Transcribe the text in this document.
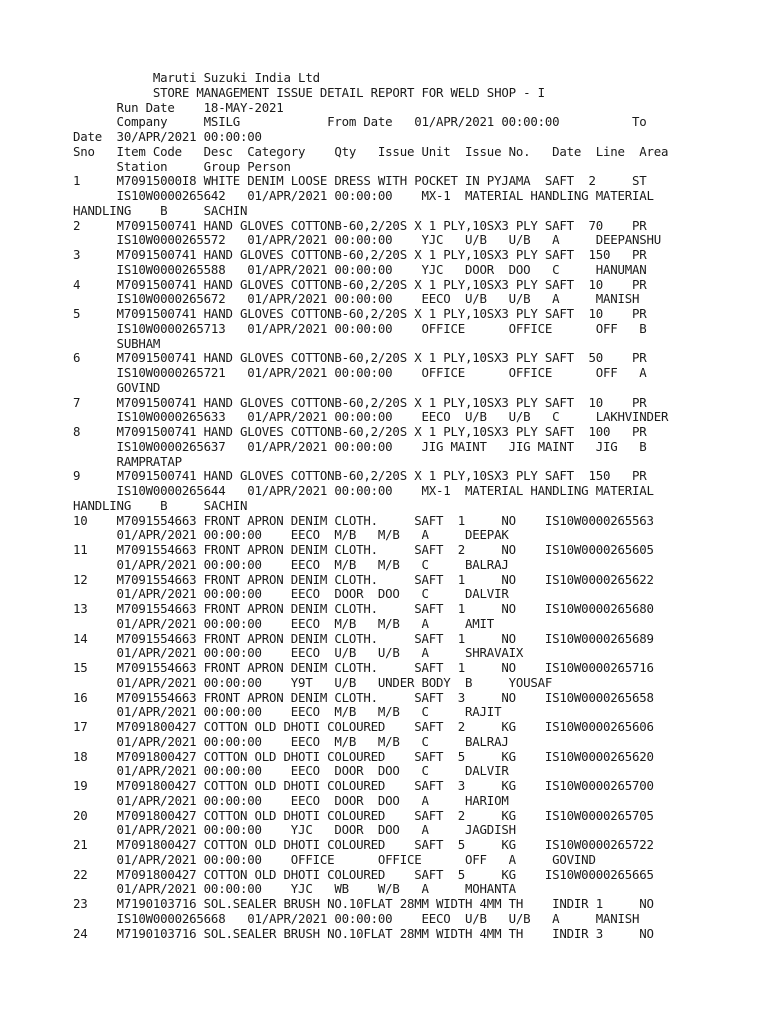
Maruti Suzuki India Ltd
STORE MANAGEMENT ISSUE DETAIL REPORT FOR WELD SHOP - I
Run Date    18-MAY-2021
Company     MSILG            From Date   01/APR/2021 00:00:00          To
Date  30/APR/2021 00:00:00
Sno   Item Code   Desc  Category    Qty   Issue Unit  Issue No.   Date  Line  Area
Station     Group Person
1     M70915000I8 WHITE DENIM LOOSE DRESS WITH POCKET IN PYJAMA  SAFT  2     ST
IS10W0000265642   01/APR/2021 00:00:00    MX-1  MATERIAL HANDLING MATERIAL
HANDLING    B     SACHIN
2     M7091500741 HAND GLOVES COTTONB-60,2/20S X 1 PLY,10SX3 PLY SAFT  70    PR
IS10W0000265572   01/APR/2021 00:00:00    YJC   U/B   U/B   A     DEEPANSHU
3     M7091500741 HAND GLOVES COTTONB-60,2/20S X 1 PLY,10SX3 PLY SAFT  150   PR
IS10W0000265588   01/APR/2021 00:00:00    YJC   DOOR  DOO   C     HANUMAN
4     M7091500741 HAND GLOVES COTTONB-60,2/20S X 1 PLY,10SX3 PLY SAFT  10    PR
IS10W0000265672   01/APR/2021 00:00:00    EECO  U/B   U/B   A     MANISH
5     M7091500741 HAND GLOVES COTTONB-60,2/20S X 1 PLY,10SX3 PLY SAFT  10    PR
IS10W0000265713   01/APR/2021 00:00:00    OFFICE      OFFICE      OFF   B
SUBHAM
6     M7091500741 HAND GLOVES COTTONB-60,2/20S X 1 PLY,10SX3 PLY SAFT  50    PR
IS10W0000265721   01/APR/2021 00:00:00    OFFICE      OFFICE      OFF   A
GOVIND
7     M7091500741 HAND GLOVES COTTONB-60,2/20S X 1 PLY,10SX3 PLY SAFT  10    PR
IS10W0000265633   01/APR/2021 00:00:00    EECO  U/B   U/B   C     LAKHVINDER
8     M7091500741 HAND GLOVES COTTONB-60,2/20S X 1 PLY,10SX3 PLY SAFT  100   PR
IS10W0000265637   01/APR/2021 00:00:00    JIG MAINT   JIG MAINT   JIG   B
RAMPRATAP
9     M7091500741 HAND GLOVES COTTONB-60,2/20S X 1 PLY,10SX3 PLY SAFT  150   PR
IS10W0000265644   01/APR/2021 00:00:00    MX-1  MATERIAL HANDLING MATERIAL
HANDLING    B     SACHIN
10    M7091554663 FRONT APRON DENIM CLOTH.     SAFT  1     NO    IS10W0000265563
01/APR/2021 00:00:00    EECO  M/B   M/B   A     DEEPAK
11    M7091554663 FRONT APRON DENIM CLOTH.     SAFT  2     NO    IS10W0000265605
01/APR/2021 00:00:00    EECO  M/B   M/B   C     BALRAJ
12    M7091554663 FRONT APRON DENIM CLOTH.     SAFT  1     NO    IS10W0000265622
01/APR/2021 00:00:00    EECO  DOOR  DOO   C     DALVIR
13    M7091554663 FRONT APRON DENIM CLOTH.     SAFT  1     NO    IS10W0000265680
01/APR/2021 00:00:00    EECO  M/B   M/B   A     AMIT
14    M7091554663 FRONT APRON DENIM CLOTH.     SAFT  1     NO    IS10W0000265689
01/APR/2021 00:00:00    EECO  U/B   U/B   A     SHRAVAIX
15    M7091554663 FRONT APRON DENIM CLOTH.     SAFT  1     NO    IS10W0000265716
01/APR/2021 00:00:00    Y9T   U/B   UNDER BODY  B     YOUSAF
16    M7091554663 FRONT APRON DENIM CLOTH.     SAFT  3     NO    IS10W0000265658
01/APR/2021 00:00:00    EECO  M/B   M/B   C     RAJIT
17    M7091800427 COTTON OLD DHOTI COLOURED    SAFT  2     KG    IS10W0000265606
01/APR/2021 00:00:00    EECO  M/B   M/B   C     BALRAJ
18    M7091800427 COTTON OLD DHOTI COLOURED    SAFT  5     KG    IS10W0000265620
01/APR/2021 00:00:00    EECO  DOOR  DOO   C     DALVIR
19    M7091800427 COTTON OLD DHOTI COLOURED    SAFT  3     KG    IS10W0000265700
01/APR/2021 00:00:00    EECO  DOOR  DOO   A     HARIOM
20    M7091800427 COTTON OLD DHOTI COLOURED    SAFT  2     KG    IS10W0000265705
01/APR/2021 00:00:00    YJC   DOOR  DOO   A     JAGDISH
21    M7091800427 COTTON OLD DHOTI COLOURED    SAFT  5     KG    IS10W0000265722
01/APR/2021 00:00:00    OFFICE      OFFICE      OFF   A     GOVIND
22    M7091800427 COTTON OLD DHOTI COLOURED    SAFT  5     KG    IS10W0000265665
01/APR/2021 00:00:00    YJC   WB    W/B   A     MOHANTA
23    M7190103716 SOL.SEALER BRUSH NO.10FLAT 28MM WIDTH 4MM TH    INDIR 1     NO
IS10W0000265668   01/APR/2021 00:00:00    EECO  U/B   U/B   A     MANISH
24    M7190103716 SOL.SEALER BRUSH NO.10FLAT 28MM WIDTH 4MM TH    INDIR 3     NO
